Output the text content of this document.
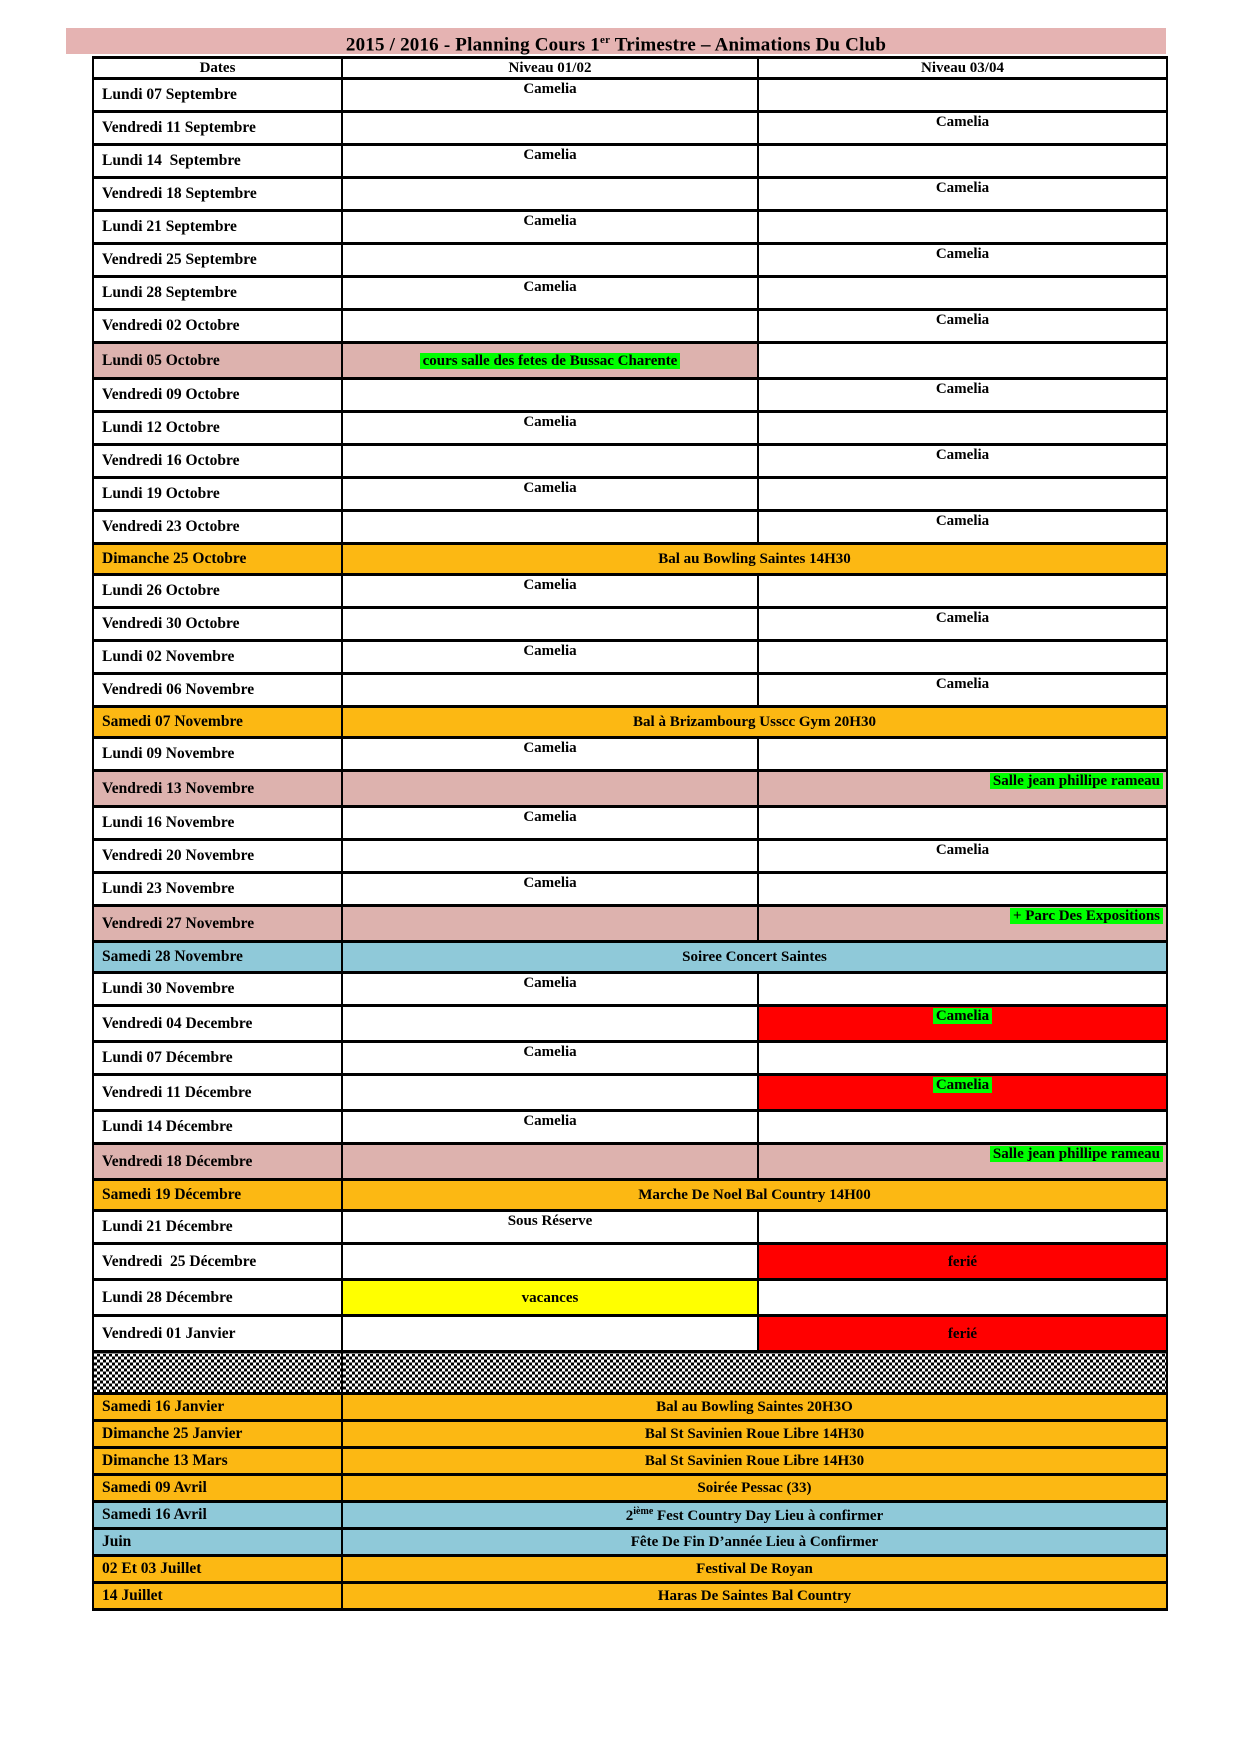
2015 / 2016 - Planning Cours 1er Trimestre – Animations Du Club
Dates	Niveau 01/02	Niveau 03/04
Lundi 07 Septembre	Camelia	
Vendredi 11 Septembre		Camelia
Lundi 14  Septembre	Camelia	
Vendredi 18 Septembre		Camelia
Lundi 21 Septembre	Camelia	
Vendredi 25 Septembre		Camelia
Lundi 28 Septembre	Camelia	
Vendredi 02 Octobre		Camelia
Lundi 05 Octobre	cours salle des fetes de Bussac Charente	
Vendredi 09 Octobre		Camelia
Lundi 12 Octobre	Camelia	
Vendredi 16 Octobre		Camelia
Lundi 19 Octobre	Camelia	
Vendredi 23 Octobre		Camelia
Dimanche 25 Octobre	Bal au Bowling Saintes 14H30	
Lundi 26 Octobre	Camelia	
Vendredi 30 Octobre		Camelia
Lundi 02 Novembre	Camelia	
Vendredi 06 Novembre		Camelia
Samedi 07 Novembre	Bal à Brizambourg Usscc Gym 20H30	
Lundi 09 Novembre	Camelia	
Vendredi 13 Novembre		Salle jean phillipe rameau
Lundi 16 Novembre	Camelia	
Vendredi 20 Novembre		Camelia
Lundi 23 Novembre	Camelia	
Vendredi 27 Novembre		+ Parc Des Expositions
Samedi 28 Novembre	Soiree Concert Saintes	
Lundi 30 Novembre	Camelia	
Vendredi 04 Decembre		Camelia
Lundi 07 Décembre	Camelia	
Vendredi 11 Décembre		Camelia
Lundi 14 Décembre	Camelia	
Vendredi 18 Décembre		Salle jean phillipe rameau
Samedi 19 Décembre	Marche De Noel Bal Country 14H00	
Lundi 21 Décembre	Sous Réserve	
Vendredi  25 Décembre		ferié
Lundi 28 Décembre	vacances	
Vendredi 01 Janvier		ferié

Samedi 16 Janvier	Bal au Bowling Saintes 20H3O	
Dimanche 25 Janvier	Bal St Savinien Roue Libre 14H30	
Dimanche 13 Mars	Bal St Savinien Roue Libre 14H30	
Samedi 09 Avril	Soirée Pessac (33)	
Samedi 16 Avril	2ième Fest Country Day Lieu à confirmer	
Juin	Fête De Fin D’année Lieu à Confirmer	
02 Et 03 Juillet	Festival De Royan	
14 Juillet	Haras De Saintes Bal Country	
